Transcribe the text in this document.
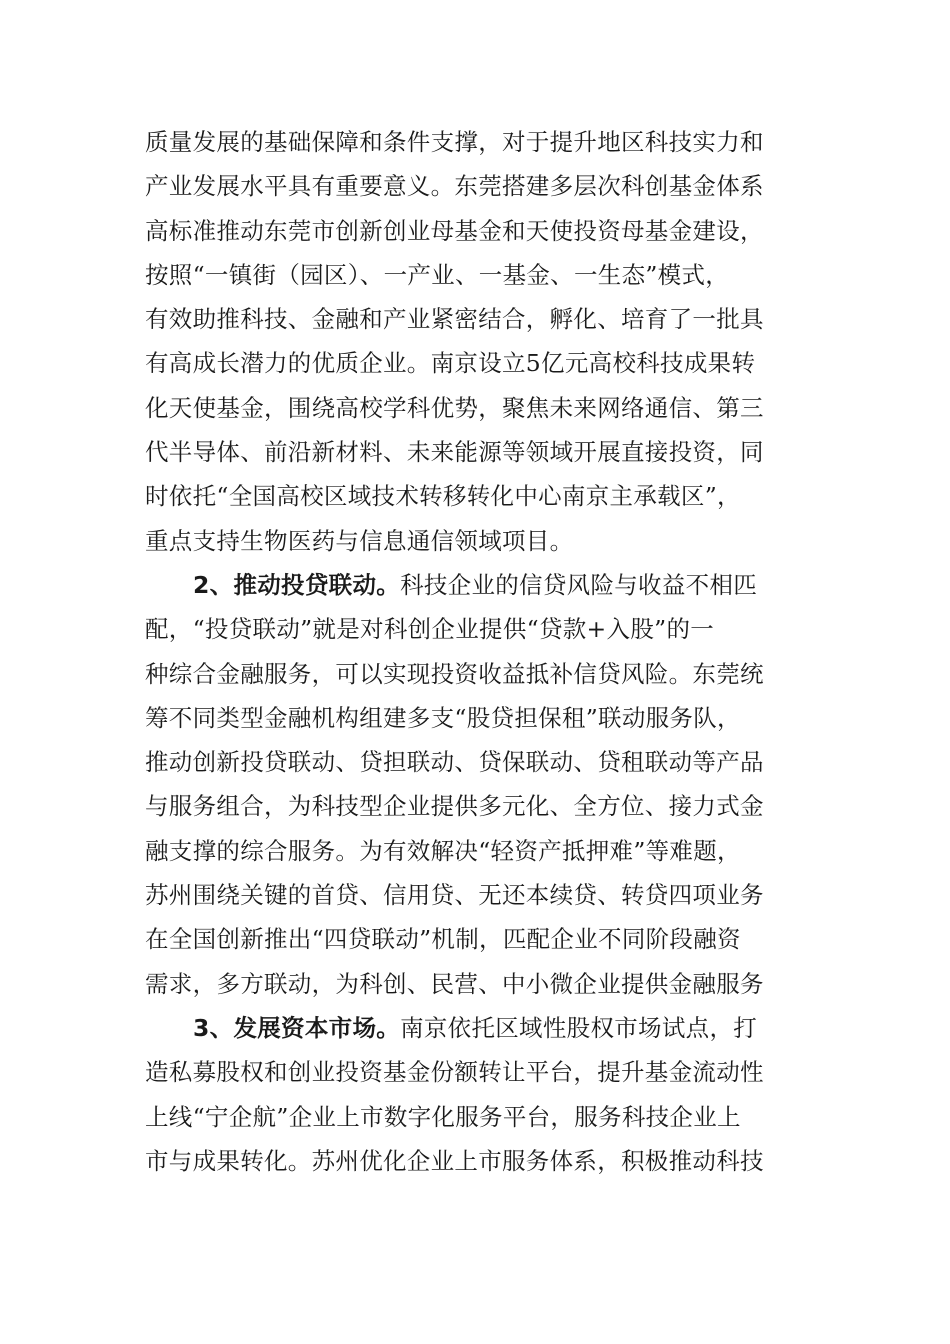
质量发展的基础保障和条件支撑，对于提升地区科技实力和
产业发展水平具有重要意义。东莞搭建多层次科创基金体系
高标准推动东莞市创新创业母基金和天使投资母基金建设，
按照“一镇街（园区）、一产业、一基金、一生态”模式，
有效助推科技、金融和产业紧密结合，孵化、培育了一批具
有高成长潜力的优质企业。南京设立5亿元高校科技成果转
化天使基金，围绕高校学科优势，聚焦未来网络通信、第三
代半导体、前沿新材料、未来能源等领域开展直接投资，同
时依托“全国高校区域技术转移转化中心南京主承载区”，
重点支持生物医药与信息通信领域项目。
2、推动投贷联动。科技企业的信贷风险与收益不相匹
配，“投贷联动”就是对科创企业提供“贷款+入股”的一
种综合金融服务，可以实现投资收益抵补信贷风险。东莞统
筹不同类型金融机构组建多支“股贷担保租”联动服务队，
推动创新投贷联动、贷担联动、贷保联动、贷租联动等产品
与服务组合，为科技型企业提供多元化、全方位、接力式金
融支撑的综合服务。为有效解决“轻资产抵押难”等难题，
苏州围绕关键的首贷、信用贷、无还本续贷、转贷四项业务
在全国创新推出“四贷联动”机制，匹配企业不同阶段融资
需求，多方联动，为科创、民营、中小微企业提供金融服务
3、发展资本市场。南京依托区域性股权市场试点，打
造私募股权和创业投资基金份额转让平台，提升基金流动性
上线“宁企航”企业上市数字化服务平台，服务科技企业上
市与成果转化。苏州优化企业上市服务体系，积极推动科技
